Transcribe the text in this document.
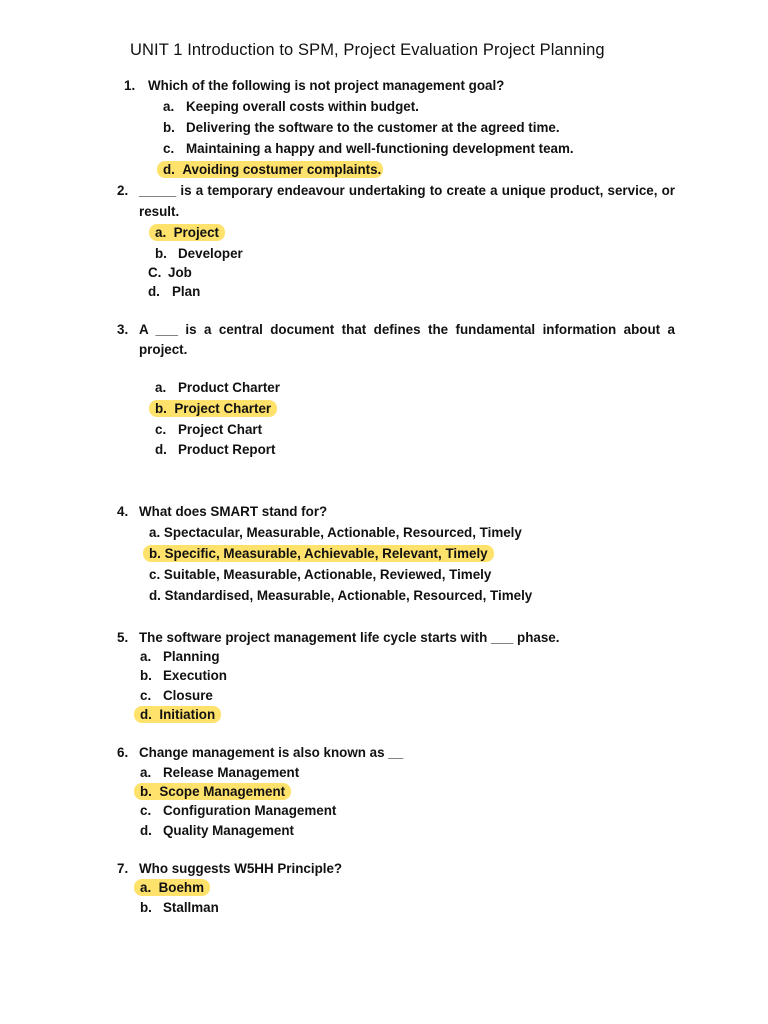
UNIT 1 Introduction to SPM, Project Evaluation Project Planning
1. Which of the following is not project management goal?
a. Keeping overall costs within budget.
b. Delivering the software to the customer at the agreed time.
c. Maintaining a happy and well-functioning development team.
d. Avoiding costumer complaints.
2. _____ is a temporary endeavour undertaking to create a unique product, service, or
result.
a. Project
b. Developer
C. Job
d. Plan
3. A ___ is a central document that defines the fundamental information about a
project.
a. Product Charter
b. Project Charter
c. Project Chart
d. Product Report
4. What does SMART stand for?
a. Spectacular, Measurable, Actionable, Resourced, Timely
b. Specific, Measurable, Achievable, Relevant, Timely
c. Suitable, Measurable, Actionable, Reviewed, Timely
d. Standardised, Measurable, Actionable, Resourced, Timely
5. The software project management life cycle starts with ___ phase.
a. Planning
b. Execution
c. Closure
d. Initiation
6. Change management is also known as __
a. Release Management
b. Scope Management
c. Configuration Management
d. Quality Management
7. Who suggests W5HH Principle?
a. Boehm
b. Stallman
